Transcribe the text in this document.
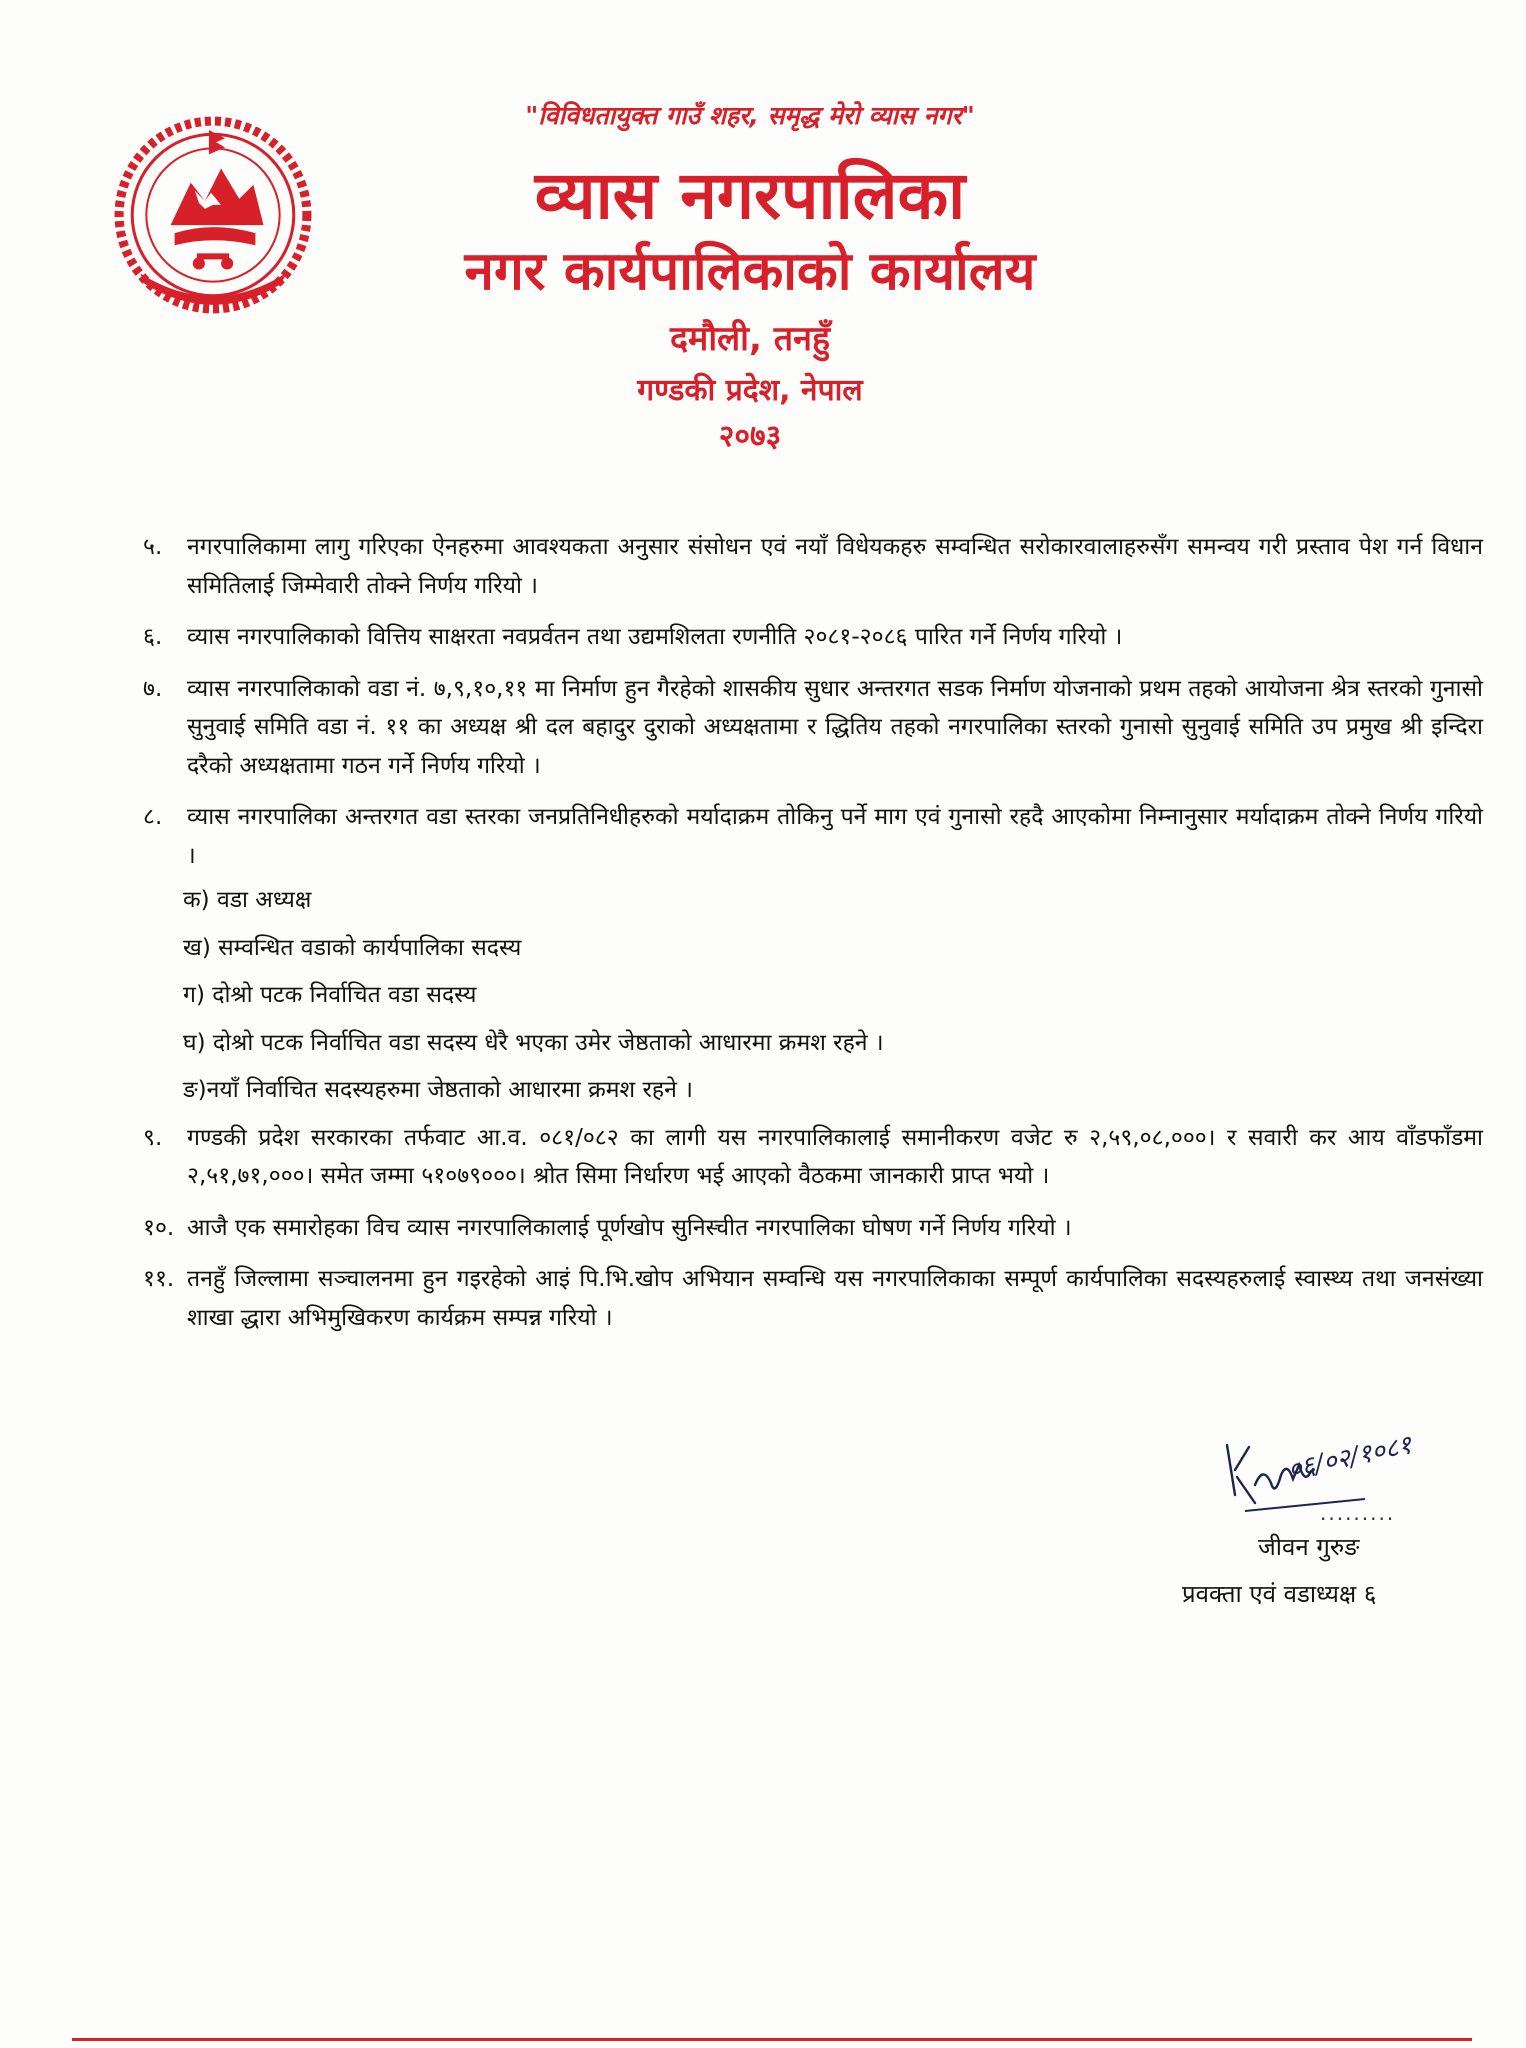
"विविधतायुक्त गाउँ शहर, समृद्ध मेरो व्यास नगर"
व्यास नगरपालिका
नगर कार्यपालिकाको कार्यालय
दमौली, तनहुँ
गण्डकी प्रदेश, नेपाल
२०७३
५.	नगरपालिकामा लागु गरिएका ऐनहरुमा आवश्यकता अनुसार संसोधन एवं नयाँ विधेयकहरु सम्वन्धित सरोकारवालाहरुसँग समन्वय गरी प्रस्ताव पेश गर्न विधान समितिलाई जिम्मेवारी तोक्ने निर्णय गरियो ।
६.	व्यास नगरपालिकाको वित्तिय साक्षरता नवप्रर्वतन तथा उद्यमशिलता रणनीति २०८१-२०८६ पारित गर्ने निर्णय गरियो ।
७.	व्यास नगरपालिकाको वडा नं. ७,९,१०,११ मा निर्माण हुन गैरहेको शासकीय सुधार अन्तरगत सडक निर्माण योजनाको प्रथम तहको आयोजना श्रेत्र स्तरको गुनासो सुनुवाई समिति वडा नं. ११ का अध्यक्ष श्री दल बहादुर दुराको अध्यक्षतामा र द्धितिय तहको नगरपालिका स्तरको गुनासो सुनुवाई समिति उप प्रमुख श्री इन्दिरा दरैको अध्यक्षतामा गठन गर्ने निर्णय गरियो ।
८.	व्यास नगरपालिका अन्तरगत वडा स्तरका जनप्रतिनिधीहरुको मर्यादाक्रम तोकिनु पर्ने माग एवं गुनासो रहदै आएकोमा निम्नानुसार मर्यादाक्रम तोक्ने निर्णय गरियो ।
क) वडा अध्यक्ष
ख) सम्वन्धित वडाको कार्यपालिका सदस्य
ग) दोश्रो पटक निर्वाचित वडा सदस्य
घ) दोश्रो पटक निर्वाचित वडा सदस्य धेरै भएका उमेर जेष्ठताको आधारमा क्रमश रहने ।
ङ)नयाँ निर्वाचित सदस्यहरुमा जेष्ठताको आधारमा क्रमश रहने ।
९.	गण्डकी प्रदेश सरकारका तर्फवाट आ.व. ०८१/०८२ का लागी यस नगरपालिकालाई समानीकरण वजेट रु २,५९,०८,०००। र सवारी कर आय वाँडफाँडमा २,५१,७१,०००। समेत जम्मा ५१०७९०००। श्रोत सिमा निर्धारण भई आएको वैठकमा जानकारी प्राप्त भयो ।
१०. आजै एक समारोहका विच व्यास नगरपालिकालाई पूर्णखोप सुनिस्चीत नगरपालिका घोषण गर्ने निर्णय गरियो ।
११. तनहुँ जिल्लामा सञ्चालनमा हुन गइरहेको आइं पि.भि.खोप अभियान सम्वन्धि यस नगरपालिकाका सम्पूर्ण कार्यपालिका सदस्यहरुलाई स्वास्थ्य तथा जनसंख्या शाखा द्धारा अभिमुखिकरण कार्यक्रम सम्पन्न गरियो ।
०६/०२/१०८१
.........
जीवन गुरुङ
प्रवक्ता एवं वडाध्यक्ष ६
